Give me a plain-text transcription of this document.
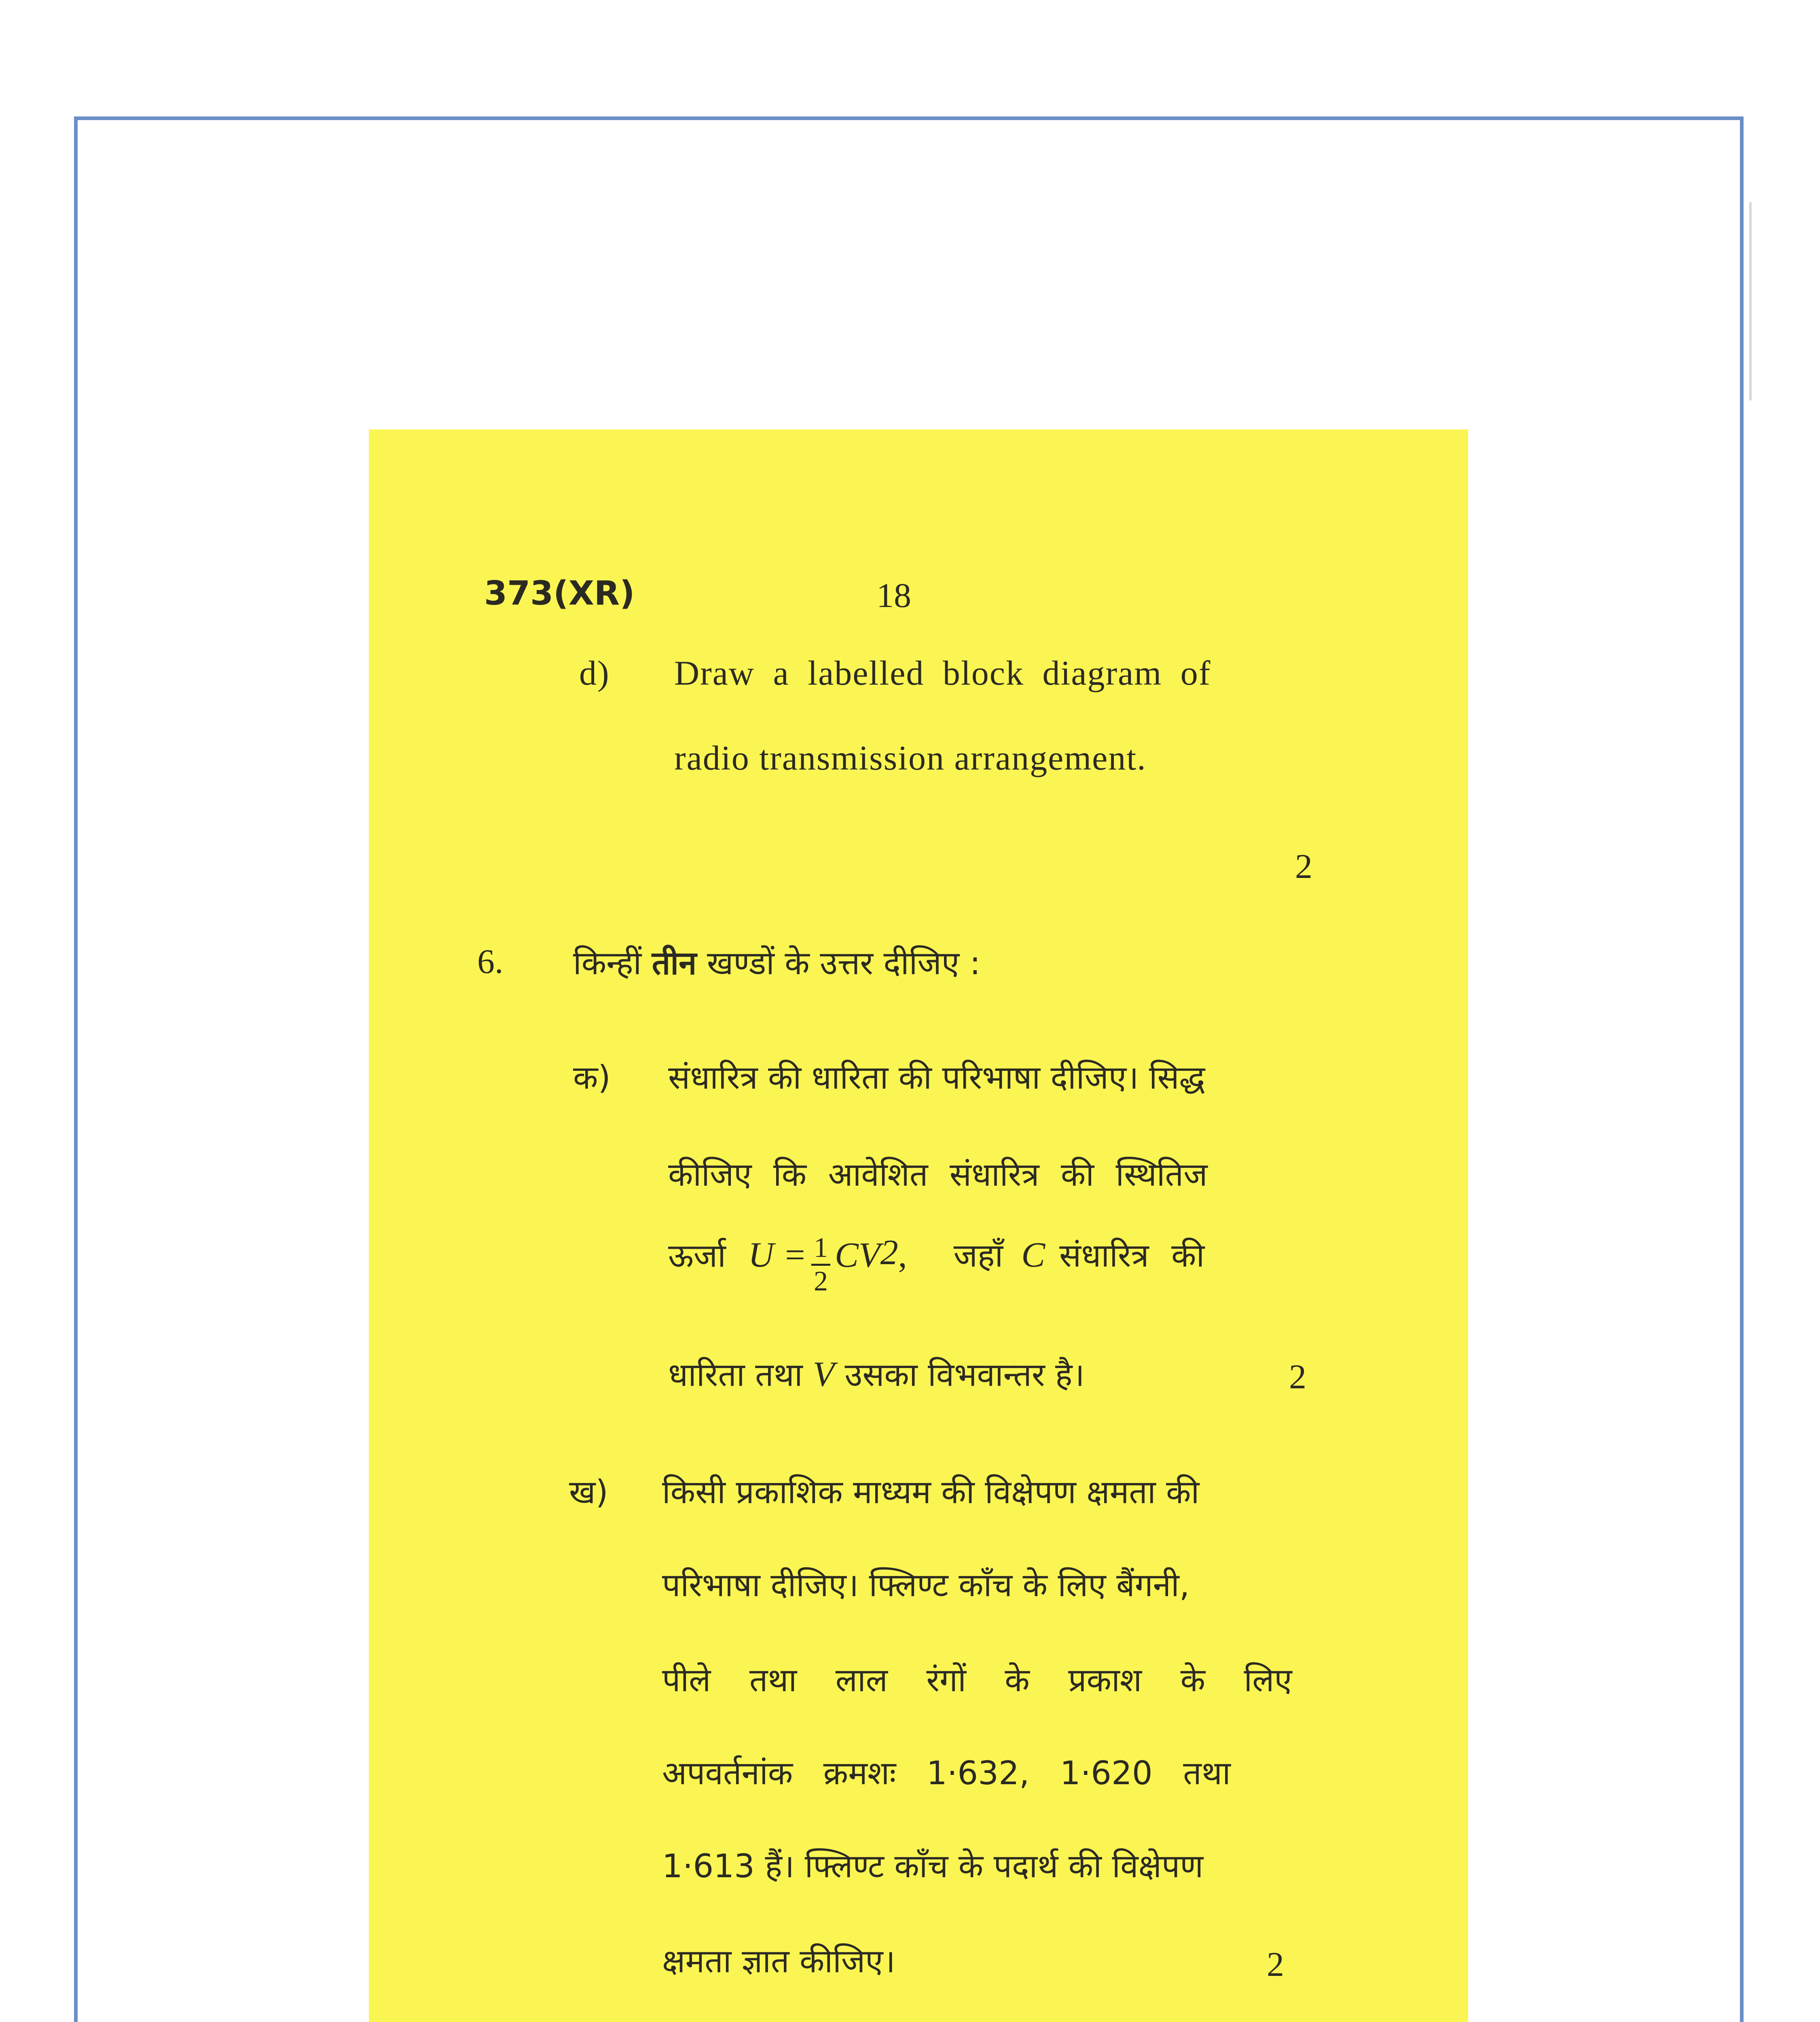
373(XR)	18
d) Draw a labelled block diagram of
radio transmission arrangement.
2
6. किन्हीं तीन खण्डों के उत्तर दीजिए :
क) संधारित्र की धारिता की परिभाषा दीजिए। सिद्ध
कीजिए कि आवेशित संधारित्र की स्थितिज
ऊर्जा $U = \frac{1}{2} CV^2$, जहाँ C संधारित्र की
धारिता तथा V उसका विभवान्तर है।	2
ख) किसी प्रकाशिक माध्यम की विक्षेपण क्षमता की
परिभाषा दीजिए। फ्लिण्ट काँच के लिए बैंगनी,
पीले तथा लाल रंगों के प्रकाश के लिए
अपवर्तनांक क्रमशः 1·632, 1·620 तथा
1·613 हैं। फ्लिण्ट काँच के पदार्थ की विक्षेपण
क्षमता ज्ञात कीजिए।	2
